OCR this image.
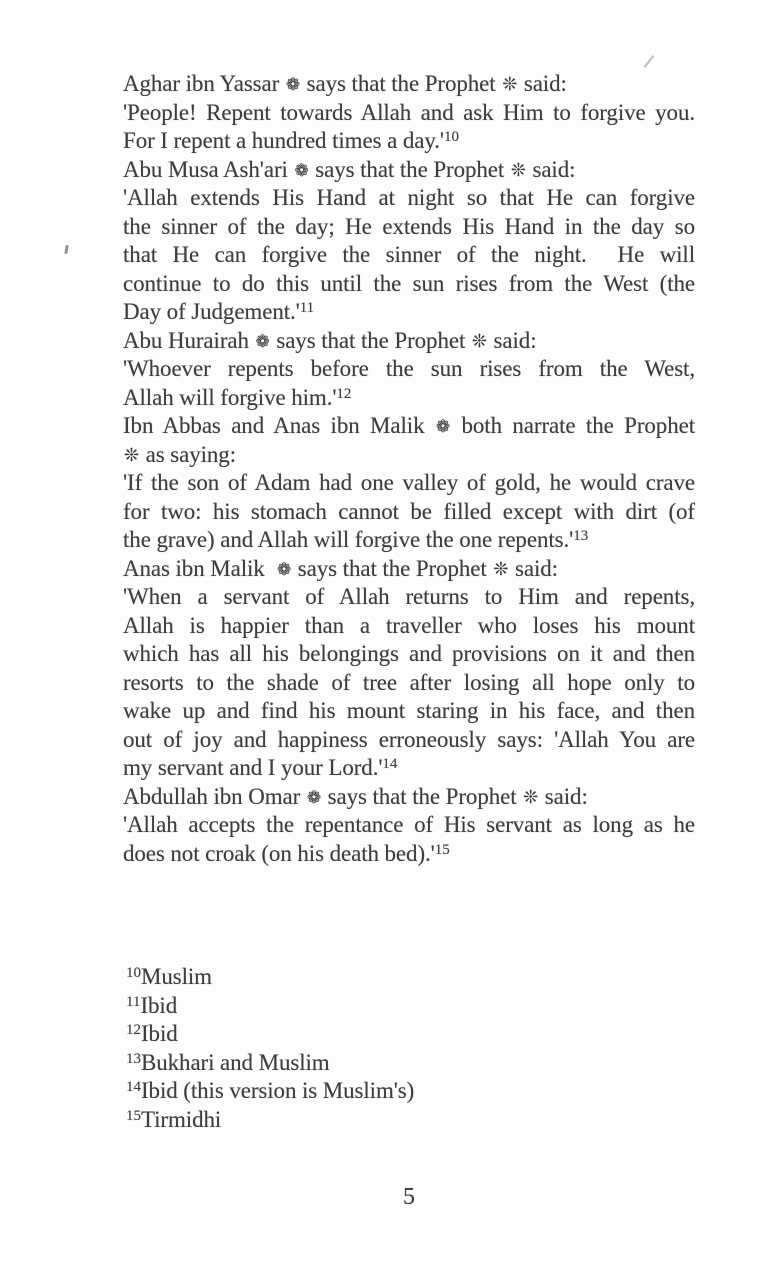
Aghar ibn Yassar ❁ says that the Prophet ❊ said:
'People! Repent towards Allah and ask Him to forgive you.
For I repent a hundred times a $day.'^{10}$
Abu Musa Ash'ari ❁ says that the Prophet ❊ said:
'Allah extends His Hand at night so that He can forgive
the sinner of the day; He extends His Hand in the day so
that He can forgive the sinner of the night.  He will
continue to do this until the sun rises from the West (the
Day of $Judgement.'^{11}$
Abu Hurairah ❁ says that the Prophet ❊ said:
'Whoever repents before the sun rises from the West,
Allah will forgive $him.'^{12}$
Ibn Abbas and Anas ibn Malik ❁ both narrate the Prophet
❊ as saying:
'If the son of Adam had one valley of gold, he would crave
for two: his stomach cannot be filled except with dirt (of
the grave) and Allah will forgive the one $repents.'^{13}$
Anas ibn Malik  ❁ says that the Prophet ❊ said:
'When a servant of Allah returns to Him and repents,
Allah is happier than a traveller who loses his mount
which has all his belongings and provisions on it and then
resorts to the shade of tree after losing all hope only to
wake up and find his mount staring in his face, and then
out of joy and happiness erroneously says: 'Allah You are
my servant and I your $Lord.'^{14}$
Abdullah ibn Omar ❁ says that the Prophet ❊ said:
'Allah accepts the repentance of His servant as long as he
does not croak (on his death $bed).'^{15}$
$^{10}$Muslim
$^{11}$Ibid
$^{12}$Ibid
$^{13}$Bukhari and Muslim
$^{14}$Ibid (this version is Muslim's)
$^{15}$Tirmidhi
5
